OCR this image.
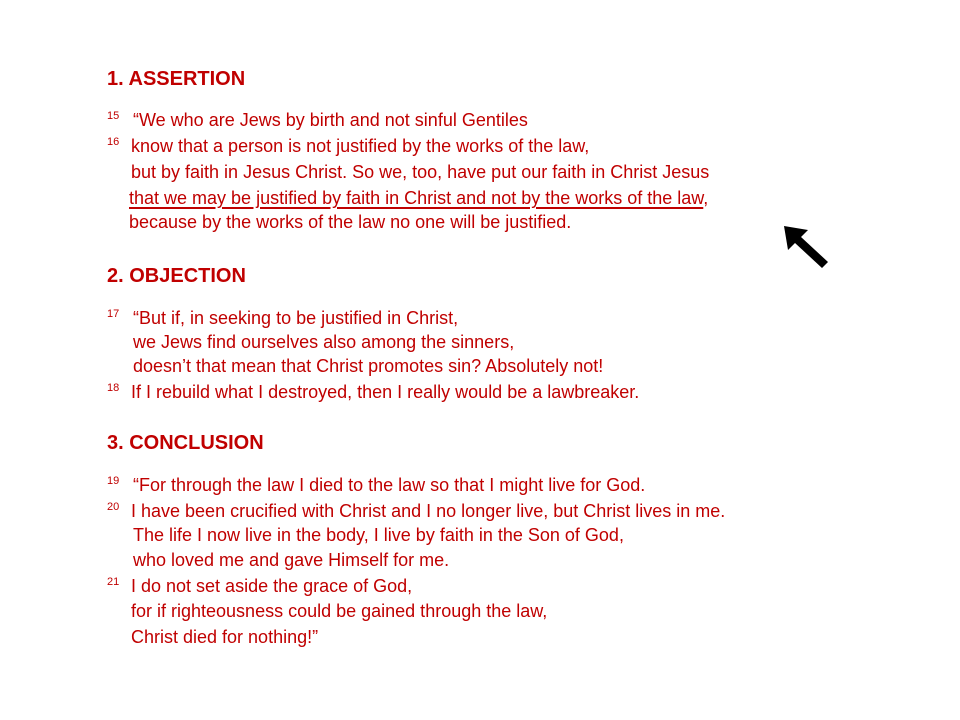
1. ASSERTION
15 “We who are Jews by birth and not sinful Gentiles
16 know that a person is not justified by the works of the law,
but by faith in Jesus Christ. So we, too, have put our faith in Christ Jesus
that we may be justified by faith in Christ and not by the works of the law,
because by the works of the law no one will be justified.
2. OBJECTION
17 “But if, in seeking to be justified in Christ,
we Jews find ourselves also among the sinners,
doesn’t that mean that Christ promotes sin? Absolutely not!
18 If I rebuild what I destroyed, then I really would be a lawbreaker.
3. CONCLUSION
19 “For through the law I died to the law so that I might live for God.
20 I have been crucified with Christ and I no longer live, but Christ lives in me.
The life I now live in the body, I live by faith in the Son of God,
who loved me and gave Himself for me.
21 I do not set aside the grace of God,
for if righteousness could be gained through the law,
Christ died for nothing!”
